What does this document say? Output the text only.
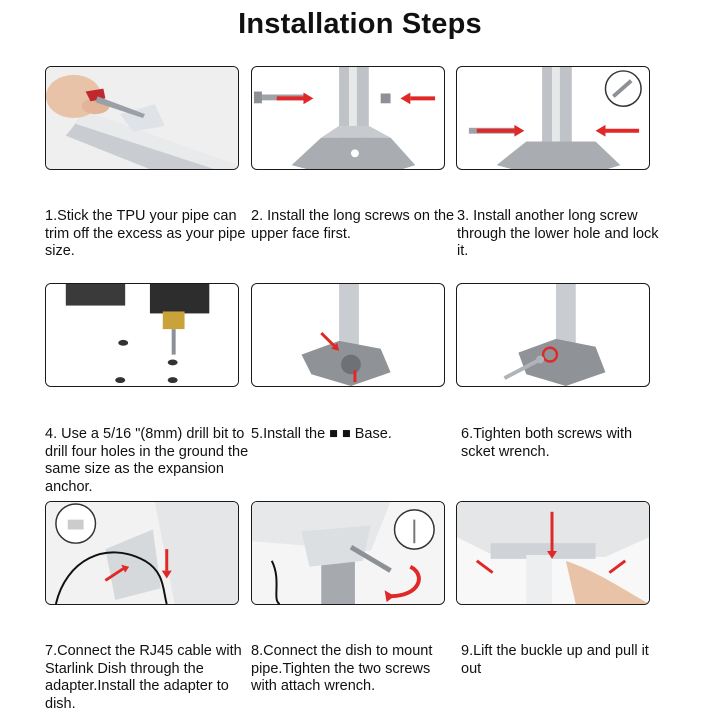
Installation Steps
1.Stick the TPU your pipe can trim off the excess as your pipe size.
2. Install the long screws on the upper face first.
3. Install another long screw through the lower hole and lock it.
4. Use a 5/16 "(8mm) drill bit to drill four holes in the ground the same size as the expansion anchor.
5.Install the ■ ■ Base.	6.Tighten both screws with scket wrench.
7.Connect the RJ45 cable with Starlink Dish through the adapter.Install the adapter to dish.
8.Connect the dish to mount pipe.Tighten the two screws with attach wrench.
9.Lift the buckle up and pull it out
